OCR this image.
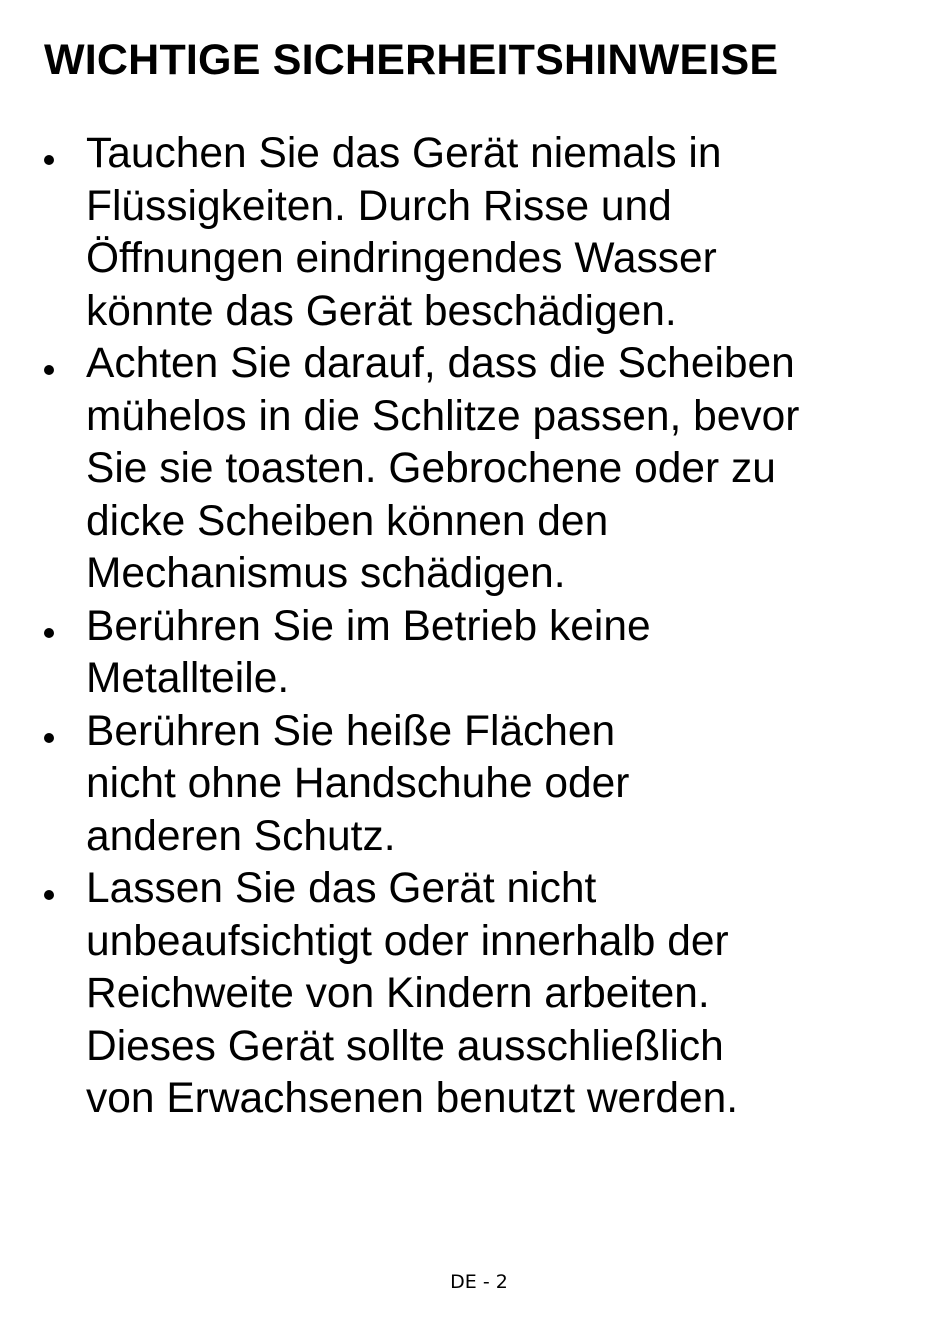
WICHTIGE SICHERHEITSHINWEISE
Tauchen Sie das Gerät niemals in
Flüssigkeiten. Durch Risse und
Öffnungen eindringendes Wasser
könnte das Gerät beschädigen.
Achten Sie darauf, dass die Scheiben
mühelos in die Schlitze passen, bevor
Sie sie toasten. Gebrochene oder zu
dicke Scheiben können den
Mechanismus schädigen.
Berühren Sie im Betrieb keine
Metallteile.
Berühren Sie heiße Flächen
nicht ohne Handschuhe oder
anderen Schutz.
Lassen Sie das Gerät nicht
unbeaufsichtigt oder innerhalb der
Reichweite von Kindern arbeiten.
Dieses Gerät sollte ausschließlich
von Erwachsenen benutzt werden.
DE - 2
